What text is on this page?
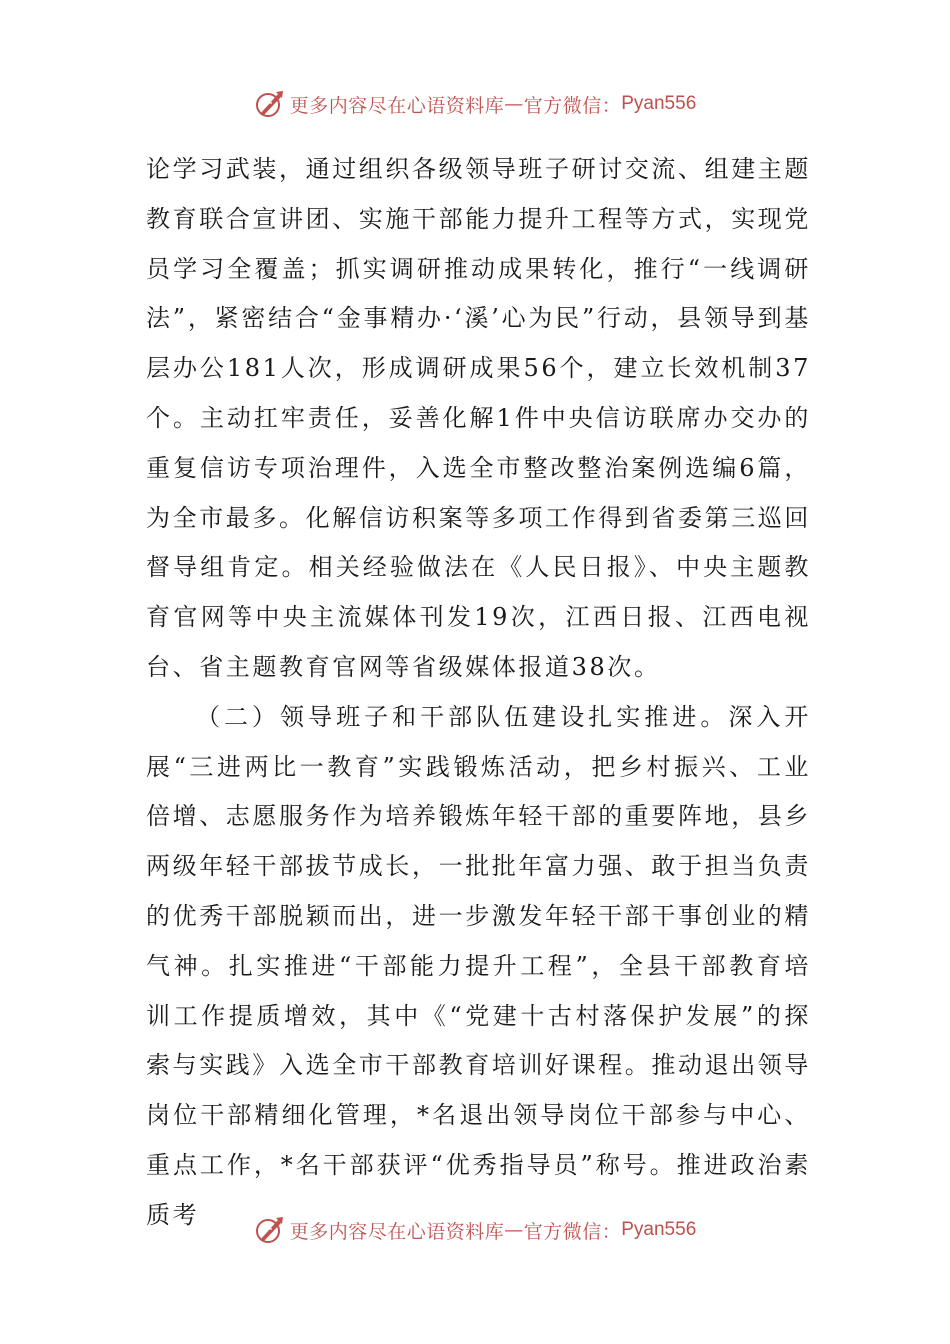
更多内容尽在心语资料库 — 官方微信： Pyan556

论学习武装，通过组织各级领导班子研讨交流、组建主题教育联合宣讲团、实施干部能力提升工程等方式，实现党员学习全覆盖；抓实调研推动成果转化，推行“一线调研法”，紧密结合“金事精办·‘溪’心为民”行动，县领导到基层办公181人次，形成调研成果56个，建立长效机制37个。主动扛牢责任，妥善化解1件中央信访联席办交办的重复信访专项治理件，入选全市整改整治案例选编6篇，为全市最多。化解信访积案等多项工作得到省委第三巡回督导组肯定。相关经验做法在《人民日报》、中央主题教育官网等中央主流媒体刊发19次，江西日报、江西电视台、省主题教育官网等省级媒体报道38次。

（二）领导班子和干部队伍建设扎实推进。深入开展“三进两比一教育”实践锻炼活动，把乡村振兴、工业倍增、志愿服务作为培养锻炼年轻干部的重要阵地，县乡两级年轻干部拔节成长，一批批年富力强、敢于担当负责的优秀干部脱颖而出，进一步激发年轻干部干事创业的精气神。扎实推进“干部能力提升工程”，全县干部教育培训工作提质增效，其中《“党建十古村落保护发展”的探索与实践》入选全市干部教育培训好课程。推动退出领导岗位干部精细化管理，*名退出领导岗位干部参与中心、重点工作，*名干部获评“优秀指导员”称号。推进政治素质考

更多内容尽在心语资料库 — 官方微信： Pyan556
